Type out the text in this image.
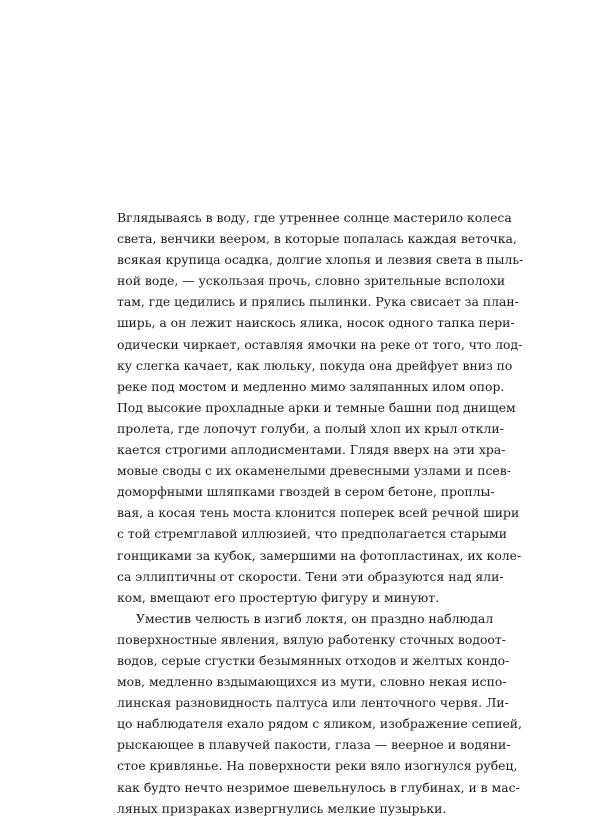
Вглядываясь в воду, где утреннее солнце мастерило колеса
света, венчики веером, в которые попалась каждая веточка,
всякая крупица осадка, долгие хлопья и лезвия света в пыль-
ной воде, — ускользая прочь, словно зрительные всполохи
там, где цедились и прялись пылинки. Рука свисает за план-
ширь, а он лежит наискось ялика, носок одного тапка пери-
одически чиркает, оставляя ямочки на реке от того, что лод-
ку слегка качает, как люльку, покуда она дрейфует вниз по
реке под мостом и медленно мимо заляпанных илом опор.
Под высокие прохладные арки и темные башни под днищем
пролета, где лопочут голуби, а полый хлоп их крыл откли-
кается строгими аплодисментами. Глядя вверх на эти хра-
мовые своды с их окаменелыми древесными узлами и псев-
доморфными шляпками гвоздей в сером бетоне, проплы-
вая, а косая тень моста клонится поперек всей речной шири
с той стремглавой иллюзией, что предполагается старыми
гонщиками за кубок, замершими на фотопластинах, их коле-
са эллиптичны от скорости. Тени эти образуются над яли-
ком, вмещают его простертую фигуру и минуют.
Уместив челюсть в изгиб локтя, он праздно наблюдал
поверхностные явления, вялую работенку сточных водоот-
водов, серые сгустки безымянных отходов и желтых кондо-
мов, медленно вздымающихся из мути, словно некая испо-
линская разновидность палтуса или ленточного червя. Ли-
цо наблюдателя ехало рядом с яликом, изображение сепией,
рыскающее в плавучей пакости, глаза — веерное и водяни-
стое кривлянье. На поверхности реки вяло изогнулся рубец,
как будто нечто незримое шевельнулось в глубинах, и в мас-
ляных призраках извергнулись мелкие пузырьки.
